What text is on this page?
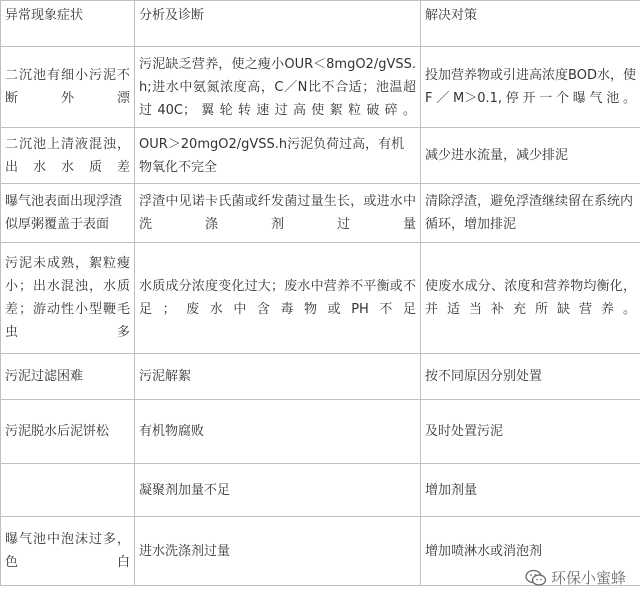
异常现象症状	分析及诊断	解决对策
二沉池有细小污泥不断外漂	污泥缺乏营养，使之瘦小OUR＜8mgO2/gVSS.h;进水中氨氮浓度高，C／N比不合适；池温超过40C；翼轮转速过高使絮粒破碎。	投加营养物或引进高浓度BOD水，使F／M＞0.1,停开一个曝气池。
二沉池上清液混浊，出水水质差	OUR＞20mgO2/gVSS.h污泥负荷过高，有机物氧化不完全	减少进水流量，减少排泥
曝气池表面出现浮渣似厚粥覆盖于表面	浮渣中见诺卡氏菌或纤发菌过量生长，或进水中洗涤剂过量	清除浮渣，避免浮渣继续留在系统内循环，增加排泥
污泥未成熟，絮粒瘦小；出水混浊，水质差；游动性小型鞭毛虫多	水质成分浓度变化过大；废水中营养不平衡或不足；废水中含毒物或PH不足	使废水成分、浓度和营养物均衡化，并适当补充所缺营养。
污泥过滤困难	污泥解絮	按不同原因分别处置
污泥脱水后泥饼松	有机物腐败	及时处置污泥
	凝聚剂加量不足	增加剂量
曝气池中泡沫过多，色白	进水洗涤剂过量	增加喷淋水或消泡剂
环保小蜜蜂
